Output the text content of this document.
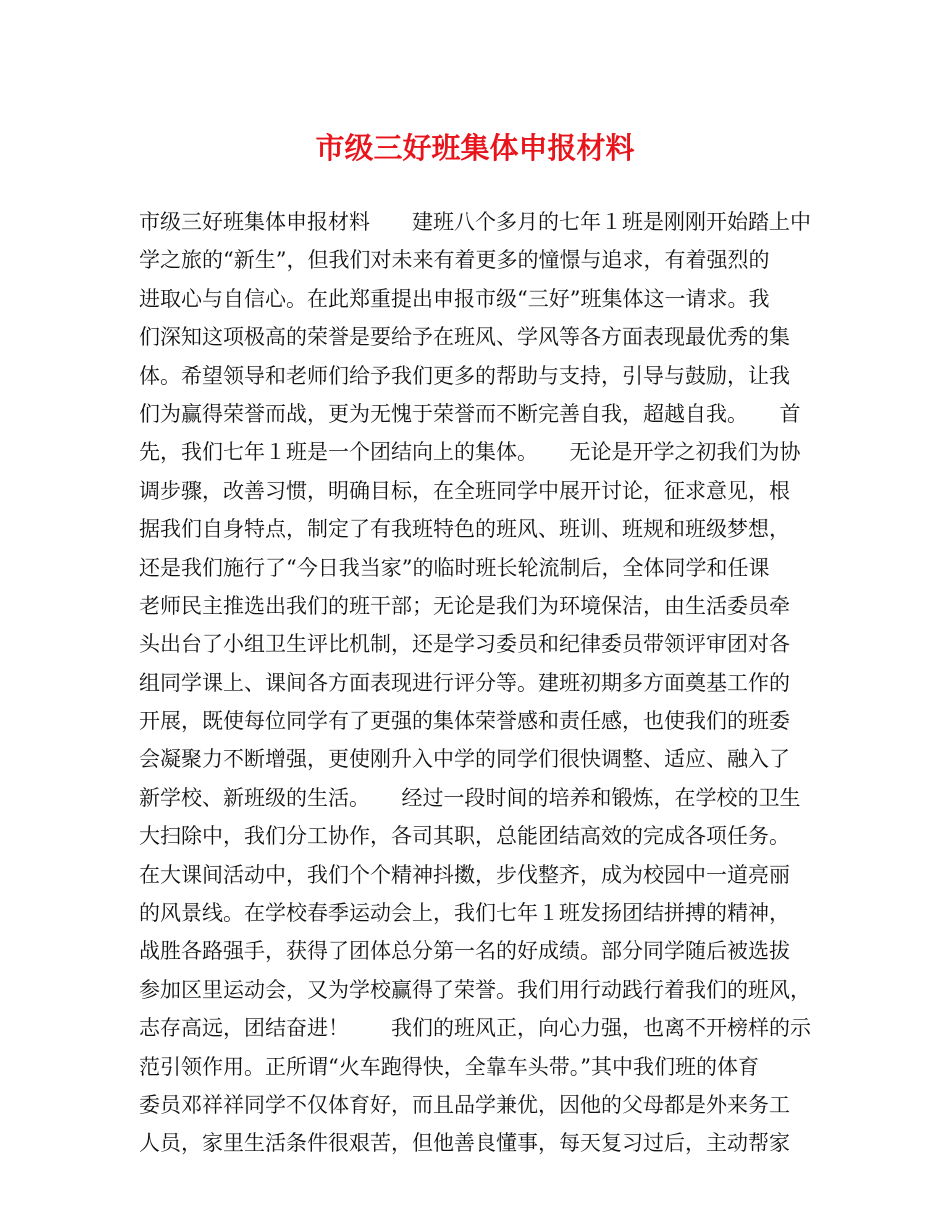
市级三好班集体申报材料
市级三好班集体申报材料　　建班八个多月的七年１班是刚刚开始踏上中
学之旅的“新生”，但我们对未来有着更多的憧憬与追求，有着强烈的
进取心与自信心。在此郑重提出申报市级“三好”班集体这一请求。我
们深知这项极高的荣誉是要给予在班风、学风等各方面表现最优秀的集
体。希望领导和老师们给予我们更多的帮助与支持，引导与鼓励，让我
们为赢得荣誉而战，更为无愧于荣誉而不断完善自我，超越自我。　　首
先，我们七年１班是一个团结向上的集体。　　无论是开学之初我们为协
调步骤，改善习惯，明确目标，在全班同学中展开讨论，征求意见，根
据我们自身特点，制定了有我班特色的班风、班训、班规和班级梦想，
还是我们施行了“今日我当家”的临时班长轮流制后，全体同学和任课
老师民主推选出我们的班干部；无论是我们为环境保洁，由生活委员牵
头出台了小组卫生评比机制，还是学习委员和纪律委员带领评审团对各
组同学课上、课间各方面表现进行评分等。建班初期多方面奠基工作的
开展，既使每位同学有了更强的集体荣誉感和责任感，也使我们的班委
会凝聚力不断增强，更使刚升入中学的同学们很快调整、适应、融入了
新学校、新班级的生活。　　经过一段时间的培养和锻炼，在学校的卫生
大扫除中，我们分工协作，各司其职，总能团结高效的完成各项任务。
在大课间活动中，我们个个精神抖擞，步伐整齐，成为校园中一道亮丽
的风景线。在学校春季运动会上，我们七年１班发扬团结拼搏的精神，
战胜各路强手，获得了团体总分第一名的好成绩。部分同学随后被选拔
参加区里运动会，又为学校赢得了荣誉。我们用行动践行着我们的班风，
志存高远，团结奋进！　　我们的班风正，向心力强，也离不开榜样的示
范引领作用。正所谓“火车跑得快，全靠车头带。”其中我们班的体育
委员邓祥祥同学不仅体育好，而且品学兼优，因他的父母都是外来务工
人员，家里生活条件很艰苦，但他善良懂事，每天复习过后，主动帮家
